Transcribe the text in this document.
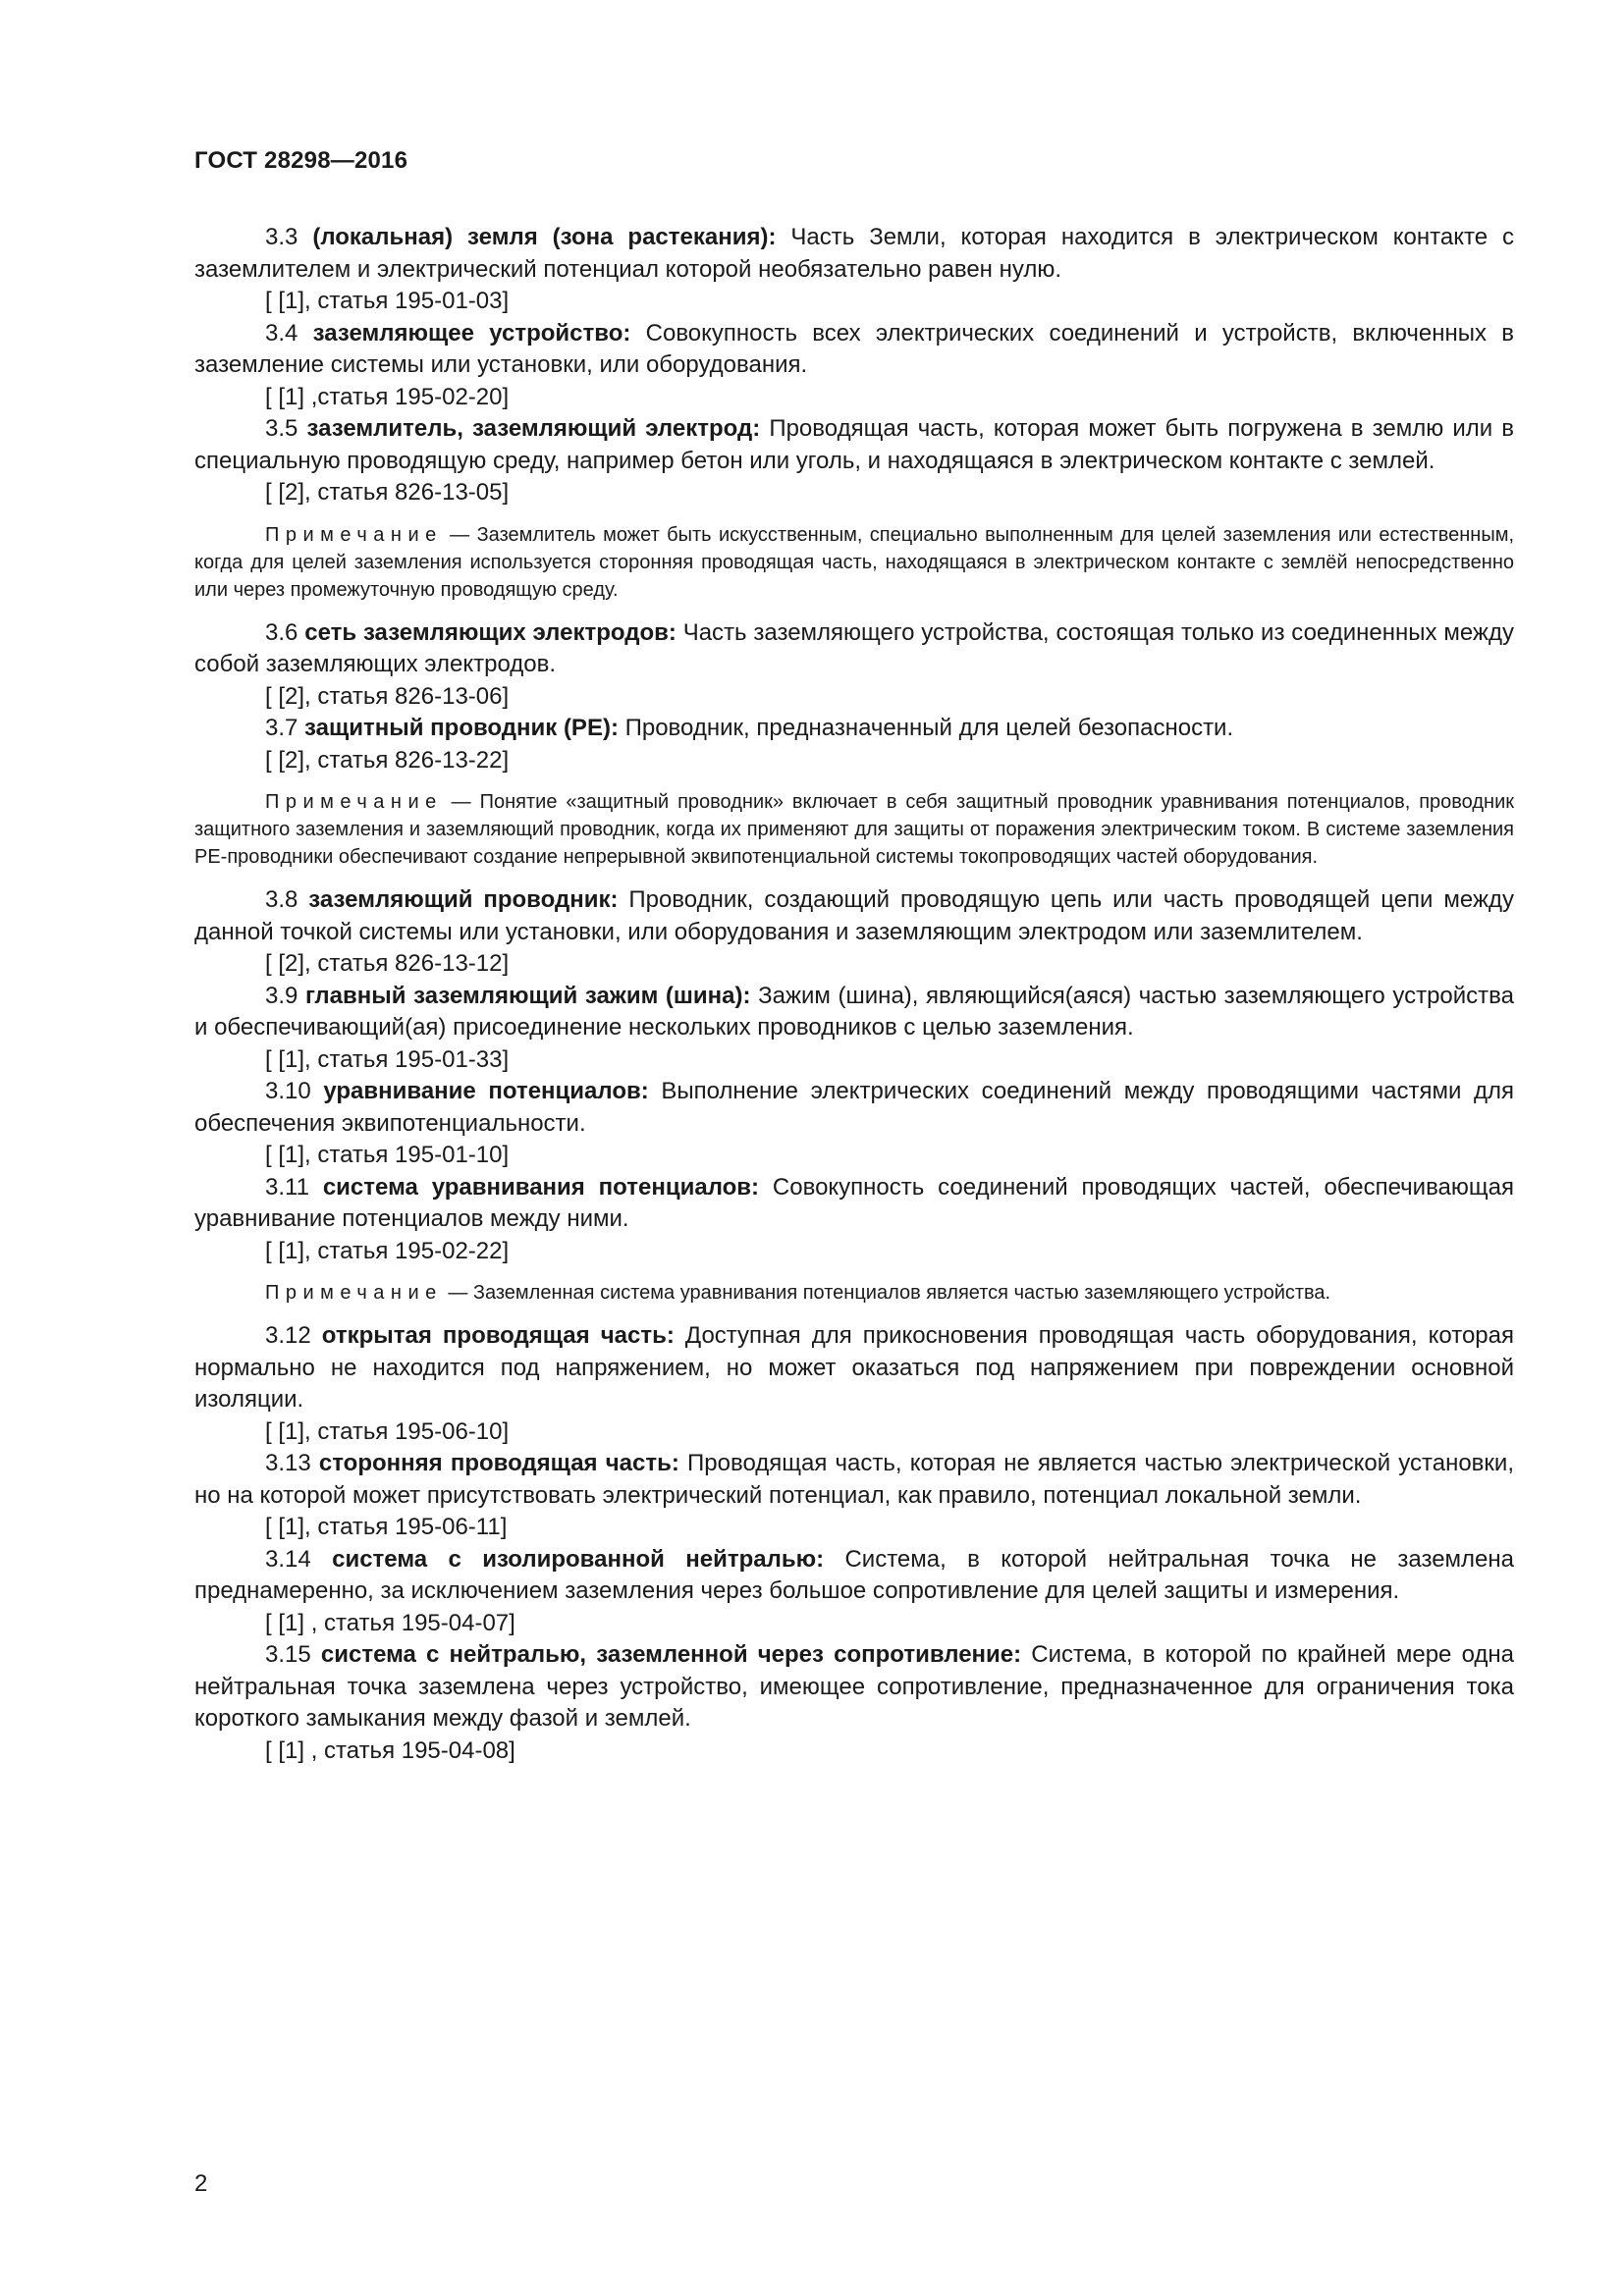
ГОСТ 28298—2016

3.3 (локальная) земля (зона растекания): Часть Земли, которая находится в электрическом контакте с заземлителем и электрический потенциал которой необязательно равен нулю.

[ [1], статья 195-01-03]

3.4 заземляющее устройство: Совокупность всех электрических соединений и устройств, включенных в заземление системы или установки, или оборудования.

[ [1] ,статья 195-02-20]

3.5 заземлитель, заземляющий электрод: Проводящая часть, которая может быть погружена в землю или в специальную проводящую среду, например бетон или уголь, и находящаяся в электрическом контакте с землей.

[ [2], статья 826-13-05]

Примечание — Заземлитель может быть искусственным, специально выполненным для целей заземления или естественным, когда для целей заземления используется сторонняя проводящая часть, находящаяся в электрическом контакте с землёй непосредственно или через промежуточную проводящую среду.

3.6 сеть заземляющих электродов: Часть заземляющего устройства, состоящая только из соединенных между собой заземляющих электродов.

[ [2], статья 826-13-06]

3.7 защитный проводник (PE): Проводник, предназначенный для целей безопасности.

[ [2], статья 826-13-22]

Примечание — Понятие «защитный проводник» включает в себя защитный проводник уравнивания потенциалов, проводник защитного заземления и заземляющий проводник, когда их применяют для защиты от поражения электрическим током. В системе заземления PE-проводники обеспечивают создание непрерывной эквипотенциальной системы токопроводящих частей оборудования.

3.8 заземляющий проводник: Проводник, создающий проводящую цепь или часть проводящей цепи между данной точкой системы или установки, или оборудования и заземляющим электродом или заземлителем.

[ [2], статья 826-13-12]

3.9 главный заземляющий зажим (шина): Зажим (шина), являющийся(аяся) частью заземляющего устройства и обеспечивающий(ая) присоединение нескольких проводников с целью заземления.

[ [1], статья 195-01-33]

3.10 уравнивание потенциалов: Выполнение электрических соединений между проводящими частями для обеспечения эквипотенциальности.

[ [1], статья 195-01-10]

3.11 система уравнивания потенциалов: Совокупность соединений проводящих частей, обеспечивающая уравнивание потенциалов между ними.

[ [1], статья 195-02-22]

Примечание — Заземленная система уравнивания потенциалов является частью заземляющего устройства.

3.12 открытая проводящая часть: Доступная для прикосновения проводящая часть оборудования, которая нормально не находится под напряжением, но может оказаться под напряжением при повреждении основной изоляции.

[ [1], статья 195-06-10]

3.13 сторонняя проводящая часть: Проводящая часть, которая не является частью электрической установки, но на которой может присутствовать электрический потенциал, как правило, потенциал локальной земли.

[ [1], статья 195-06-11]

3.14 система с изолированной нейтралью: Система, в которой нейтральная точка не заземлена преднамеренно, за исключением заземления через большое сопротивление для целей защиты и измерения.

[ [1] , статья 195-04-07]

3.15 система с нейтралью, заземленной через сопротивление: Система, в которой по крайней мере одна нейтральная точка заземлена через устройство, имеющее сопротивление, предназначенное для ограничения тока короткого замыкания между фазой и землей.

[ [1] , статья 195-04-08]

2
